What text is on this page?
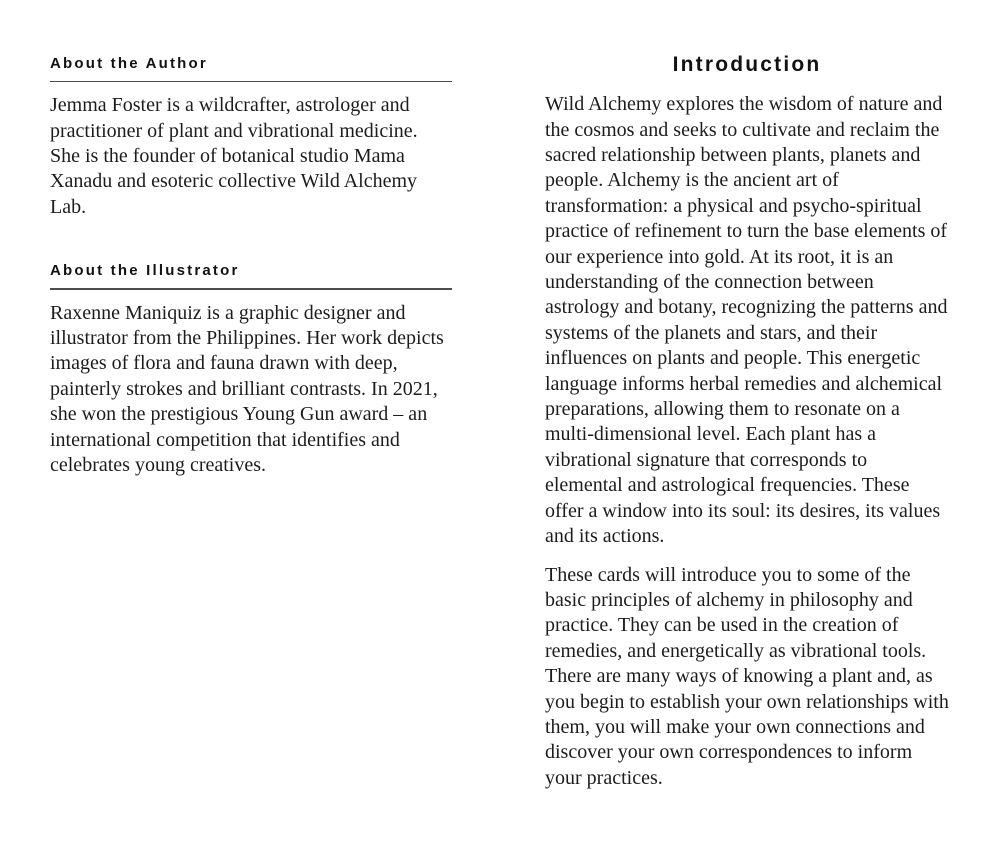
About the Author

Jemma Foster is a wildcrafter, astrologer and practitioner of plant and vibrational medicine. She is the founder of botanical studio Mama Xanadu and esoteric collective Wild Alchemy Lab.

About the Illustrator

Raxenne Maniquiz is a graphic designer and illustrator from the Philippines. Her work depicts images of flora and fauna drawn with deep, painterly strokes and brilliant contrasts. In 2021, she won the prestigious Young Gun award – an international competition that identifies and celebrates young creatives.

Introduction

Wild Alchemy explores the wisdom of nature and the cosmos and seeks to cultivate and reclaim the sacred relationship between plants, planets and people. Alchemy is the ancient art of transformation: a physical and psycho-spiritual practice of refinement to turn the base elements of our experience into gold. At its root, it is an understanding of the connection between astrology and botany, recognizing the patterns and systems of the planets and stars, and their influences on plants and people. This energetic language informs herbal remedies and alchemical preparations, allowing them to resonate on a multi-dimensional level. Each plant has a vibrational signature that corresponds to elemental and astrological frequencies. These offer a window into its soul: its desires, its values and its actions.

These cards will introduce you to some of the basic principles of alchemy in philosophy and practice. They can be used in the creation of remedies, and energetically as vibrational tools. There are many ways of knowing a plant and, as you begin to establish your own relationships with them, you will make your own connections and discover your own correspondences to inform your practices.
